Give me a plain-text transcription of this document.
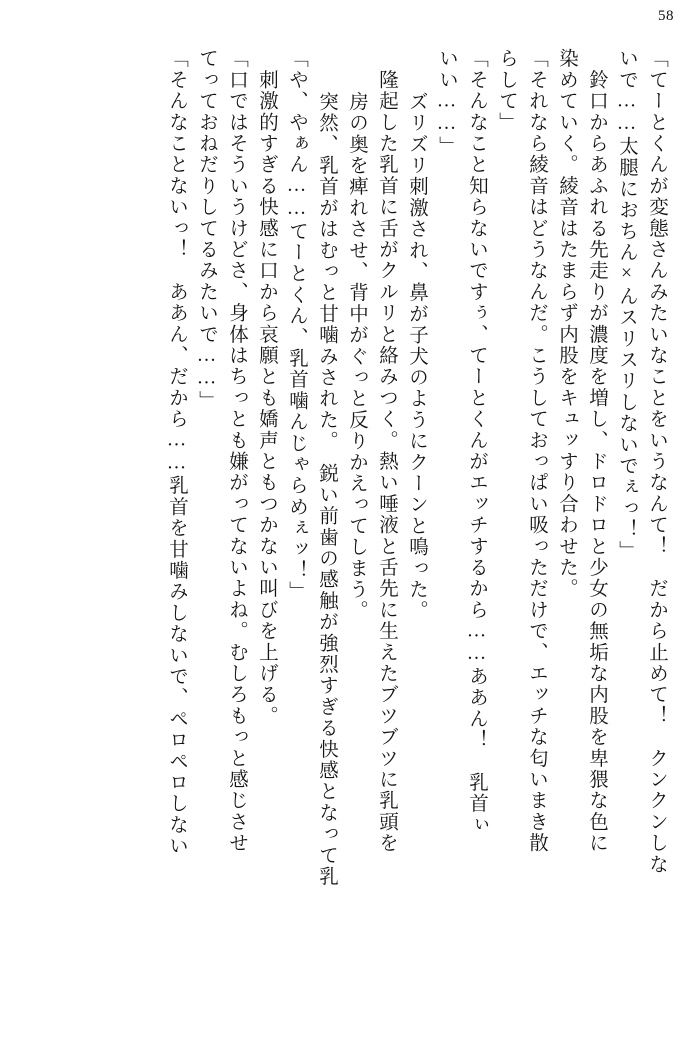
58
「てーとくんが変態さんみたいなことをいうなんて！　だから止めて！　クンクンしな
いで……太腿におちん×んスリスリしないでぇっ！」
　鈴口からあふれる先走りが濃度を増し、ドロドロと少女の無垢な内股を卑猥な色に
染めていく。綾音はたまらず内股をキュッすり合わせた。
「それなら綾音はどうなんだ。こうしておっぱい吸っただけで、エッチな匂いまき散
らして」
「そんなこと知らないですぅ、てーとくんがエッチするから……ああん！　乳首ぃ
いい……」
　ズリズリ刺激され、鼻が子犬のようにクーンと鳴った。
　隆起した乳首に舌がクルリと絡みつく。熱い唾液と舌先に生えたブツブツに乳頭を
　房の奥を痺れさせ、背中がぐっと反りかえってしまう。
　突然、乳首がはむっと甘噛みされた。　鋭い前歯の感触が強烈すぎる快感となって乳
「や、やぁん……てーとくん、乳首噛んじゃらめぇッ！」
　刺激的すぎる快感に口から哀願とも嬌声ともつかない叫びを上げる。
「口ではそういうけどさ、身体はちっとも嫌がってないよね。むしろもっと感じさせ
てっておねだりしてるみたいで……」
「そんなことないっ！　ああん、だから……乳首を甘噛みしないで、ペロペロしない
